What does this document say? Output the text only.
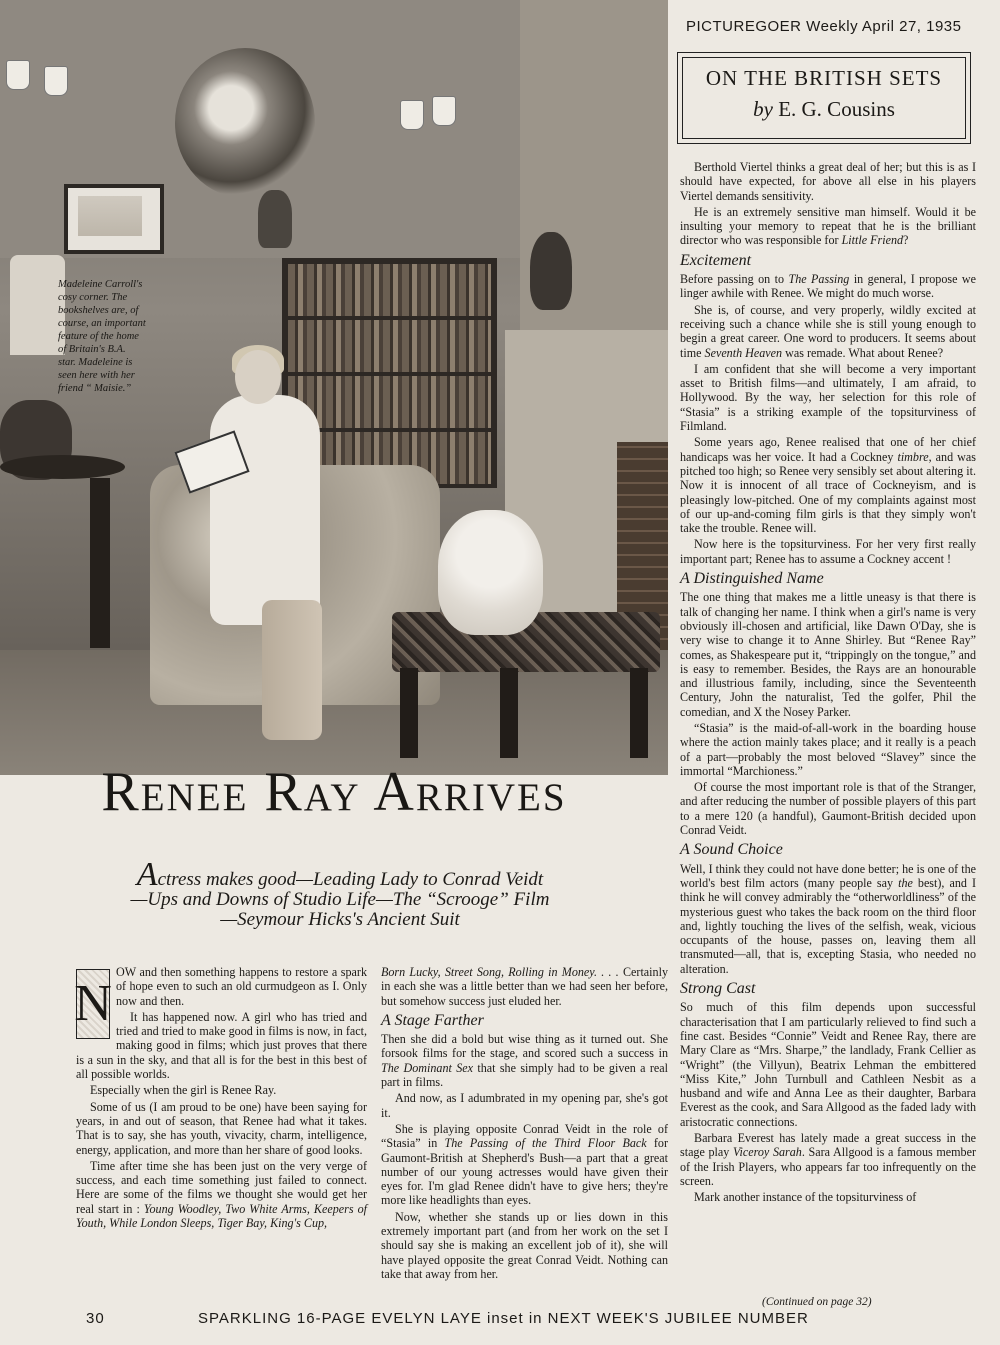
Madeleine Carroll's
cosy corner. The
bookshelves are, of
course, an important
feature of the home
of Britain's B.A.
star. Madeleine is
seen here with her
friend “ Maisie.”
PICTUREGOER Weekly April 27, 1935
ON THE BRITISH SETS
by E. G. Cousins
Renee Ray Arrives
Actress makes good—Leading Lady to Conrad Veidt—Ups and Downs of Studio Life—The “Scrooge” Film—Seymour Hicks's Ancient Suit

N
OW and then something happens to restore a spark of hope even to such an old curmudgeon as I. Only now and then.

It has happened now. A girl who has tried and tried and tried to make good in films is now, in fact, making good in films; which just proves that there is a sun in the sky, and that all is for the best in this best of all possible worlds.

Especially when the girl is Renee Ray.

Some of us (I am proud to be one) have been saying for years, in and out of season, that Renee had what it takes. That is to say, she has youth, vivacity, charm, intelligence, energy, application, and more than her share of good looks.

Time after time she has been just on the very verge of success, and each time something just failed to connect. Here are some of the films we thought she would get her real start in : Young Woodley, Two White Arms, Keepers of Youth, While London Sleeps, Tiger Bay, King's Cup,

Born Lucky, Street Song, Rolling in Money. . . . Certainly in each she was a little better than we had seen her before, but somehow success just eluded her.

A Stage Farther

Then she did a bold but wise thing as it turned out. She forsook films for the stage, and scored such a success in The Dominant Sex that she simply had to be given a real part in films.

And now, as I adumbrated in my opening par, she's got it.

She is playing opposite Conrad Veidt in the role of “Stasia” in The Passing of the Third Floor Back for Gaumont-British at Shepherd's Bush—a part that a great number of our young actresses would have given their eyes for. I'm glad Renee didn't have to give hers; they're more like headlights than eyes.

Now, whether she stands up or lies down in this extremely important part (and from her work on the set I should say she is making an excellent job of it), she will have played opposite the great Conrad Veidt. Nothing can take that away from her.

Berthold Viertel thinks a great deal of her; but this is as I should have expected, for above all else in his players Viertel demands sensitivity.

He is an extremely sensitive man himself. Would it be insulting your memory to repeat that he is the brilliant director who was responsible for Little Friend?

Excitement

Before passing on to The Passing in general, I propose we linger awhile with Renee. We might do much worse.

She is, of course, and very properly, wildly excited at receiving such a chance while she is still young enough to begin a great career. One word to producers. It seems about time Seventh Heaven was remade. What about Renee?

I am confident that she will become a very important asset to British films—and ultimately, I am afraid, to Hollywood. By the way, her selection for this role of “Stasia” is a striking example of the topsiturviness of Filmland.

Some years ago, Renee realised that one of her chief handicaps was her voice. It had a Cockney timbre, and was pitched too high; so Renee very sensibly set about altering it. Now it is innocent of all trace of Cockneyism, and is pleasingly low-pitched. One of my complaints against most of our up-and-coming film girls is that they simply won't take the trouble. Renee will.

Now here is the topsiturviness. For her very first really important part; Renee has to assume a Cockney accent !

A Distinguished Name

The one thing that makes me a little uneasy is that there is talk of changing her name. I think when a girl's name is very obviously ill-chosen and artificial, like Dawn O'Day, she is very wise to change it to Anne Shirley. But “Renee Ray” comes, as Shakespeare put it, “trippingly on the tongue,” and is easy to remember. Besides, the Rays are an honourable and illustrious family, including, since the Seventeenth Century, John the naturalist, Ted the golfer, Phil the comedian, and X the Nosey Parker.

“Stasia” is the maid-of-all-work in the boarding house where the action mainly takes place; and it really is a peach of a part—probably the most beloved “Slavey” since the immortal “Marchioness.”

Of course the most important role is that of the Stranger, and after reducing the number of possible players of this part to a mere 120 (a handful), Gaumont-British decided upon Conrad Veidt.

A Sound Choice

Well, I think they could not have done better; he is one of the world's best film actors (many people say the best), and I think he will convey admirably the “otherworldliness” of the mysterious guest who takes the back room on the third floor and, lightly touching the lives of the selfish, weak, vicious occupants of the house, passes on, leaving them all transmuted—all, that is, excepting Stasia, who needed no alteration.

Strong Cast

So much of this film depends upon successful characterisation that I am particularly relieved to find such a fine cast. Besides “Connie” Veidt and Renee Ray, there are Mary Clare as “Mrs. Sharpe,” the landlady, Frank Cellier as “Wright” (the Villyun), Beatrix Lehman the embittered “Miss Kite,” John Turnbull and Cathleen Nesbit as a husband and wife and Anna Lee as their daughter, Barbara Everest as the cook, and Sara Allgood as the faded lady with aristocratic connections.

Barbara Everest has lately made a great success in the stage play Viceroy Sarah. Sara Allgood is a famous member of the Irish Players, who appears far too infrequently on the screen.

Mark another instance of the topsiturviness of

(Continued on page 32)
30	SPARKLING 16-PAGE EVELYN LAYE inset in NEXT WEEK'S JUBILEE NUMBER
